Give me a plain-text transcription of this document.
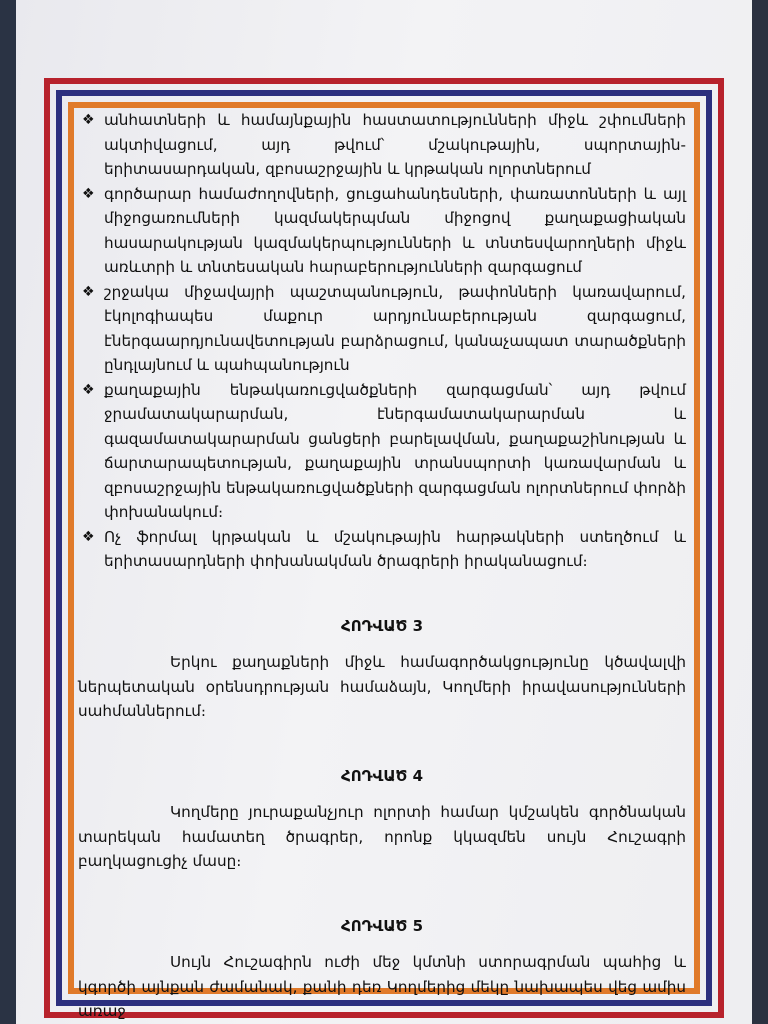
❖ անհատների և համայնքային հաստատությունների միջև շփումների ակտիվացում, այդ թվում՝ մշակութային, սպորտային-երիտասարդական, զբոսաշրջային և կրթական ոլորտներում
❖ գործարար համաժողովների, ցուցահանդեսների, փառատոնների և այլ միջոցառումների կազմակերպման միջոցով քաղաքացիական հասարակության կազմակերպությունների և տնտեսվարողների միջև առևտրի և տնտեսական հարաբերությունների զարգացում
❖ շրջակա միջավայրի պաշտպանություն, թափոնների կառավարում, էկոլոգիապես մաքուր արդյունաբերության զարգացում, էներգաարդյունավետության բարձրացում, կանաչապատ տարածքների ընդլայնում և պահպանություն
❖ քաղաքային ենթակառուցվածքների զարգացման՝ այդ թվում ջրամատակարարման, էներգամատակարարման և գազամատակարարման ցանցերի բարելավման, քաղաքաշինության և ճարտարապետության, քաղաքային տրանսպորտի կառավարման և զբոսաշրջային ենթակառուցվածքների զարգացման ոլորտներում փորձի փոխանակում։
❖ Ոչ ֆորմալ կրթական և մշակութային հարթակների ստեղծում և երիտասարդների փոխանակման ծրագրերի իրականացում։
ՀՈԴՎԱԾ 3
Երկու քաղաքների միջև համագործակցությունը կծավալվի ներպետական օրենսդրության համաձայն, Կողմերի իրավասությունների սահմաններում։
ՀՈԴՎԱԾ 4
Կողմերը յուրաքանչյուր ոլորտի համար կմշակեն գործնական տարեկան համատեղ ծրագրեր, որոնք կկազմեն սույն Հուշագրի բաղկացուցիչ մասը։
ՀՈԴՎԱԾ 5
Սույն Հուշագիրն ուժի մեջ կմտնի ստորագրման պահից և կգործի այնքան ժամանակ, քանի դեռ Կողմերից մեկը նախապես վեց ամիս առաջ
